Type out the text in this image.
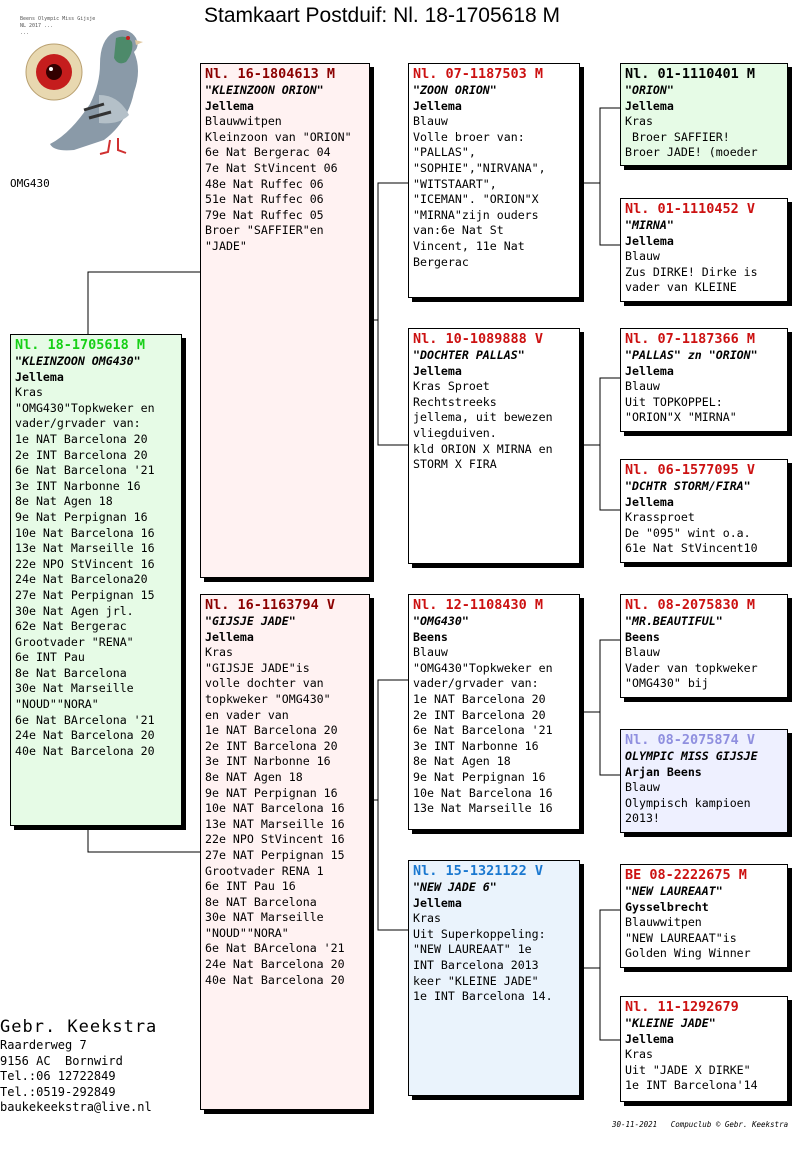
Stamkaart Postduif: Nl. 18-1705618 M
Beens Olympic Miss Gijsje
NL 2017 ...
...
OMG430
Nl. 18-1705618 M
"KLEINZOON OMG430"
Jellema
Kras
"OMG430"Topkweker en
vader/grvader van:
1e NAT Barcelona 20
2e INT Barcelona 20
6e Nat Barcelona '21
3e INT Narbonne 16
8e Nat Agen 18
9e Nat Perpignan 16
10e Nat Barcelona 16
13e Nat Marseille 16
22e NPO StVincent 16
24e Nat Barcelona20
27e Nat Perpignan 15
30e Nat Agen jrl.
62e Nat Bergerac
Grootvader "RENA"
6e INT Pau
8e Nat Barcelona
30e Nat Marseille
"NOUD""NORA"
6e Nat BArcelona '21
24e Nat Barcelona 20
40e Nat Barcelona 20
Nl. 16-1804613 M
"KLEINZOON ORION"
Jellema
Blauwwitpen
Kleinzoon van "ORION"
6e Nat Bergerac 04
7e Nat StVincent 06
48e Nat Ruffec 06
51e Nat Ruffec 06
79e Nat Ruffec 05
Broer "SAFFIER"en
"JADE"
Nl. 16-1163794 V
"GIJSJE JADE"
Jellema
Kras
"GIJSJE JADE"is
volle dochter van
topkweker "OMG430"
en vader van
1e NAT Barcelona 20
2e INT Barcelona 20
3e INT Narbonne 16
8e NAT Agen 18
9e NAT Perpignan 16
10e NAT Barcelona 16
13e NAT Marseille 16
22e NPO StVincent 16
27e NAT Perpignan 15
Grootvader RENA 1
6e INT Pau 16
8e NAT Barcelona
30e NAT Marseille
"NOUD""NORA"
6e Nat BArcelona '21
24e Nat Barcelona 20
40e Nat Barcelona 20
Nl. 07-1187503 M
"ZOON ORION"
Jellema
Blauw
Volle broer van:
"PALLAS",
"SOPHIE","NIRVANA",
"WITSTAART",
"ICEMAN". "ORION"X
"MIRNA"zijn ouders
van:6e Nat St
Vincent, 11e Nat
Bergerac
Nl. 10-1089888 V
"DOCHTER PALLAS"
Jellema
Kras Sproet
Rechtstreeks
jellema, uit bewezen
vliegduiven.
kld ORION X MIRNA en
STORM X FIRA
Nl. 12-1108430 M
"OMG430"
Beens
Blauw
"OMG430"Topkweker en
vader/grvader van:
1e NAT Barcelona 20
2e INT Barcelona 20
6e Nat Barcelona '21
3e INT Narbonne 16
8e Nat Agen 18
9e Nat Perpignan 16
10e Nat Barcelona 16
13e Nat Marseille 16
Nl. 15-1321122 V
"NEW JADE 6"
Jellema
Kras
Uit Superkoppeling:
"NEW LAUREAAT" 1e
INT Barcelona 2013
keer "KLEINE JADE"
1e INT Barcelona 14.
Nl. 01-1110401 M
"ORION"
Jellema
Kras
Broer SAFFIER!
Broer JADE! (moeder
Nl. 01-1110452 V
"MIRNA"
Jellema
Blauw
Zus DIRKE! Dirke is
vader van KLEINE
Nl. 07-1187366 M
"PALLAS" zn "ORION"
Jellema
Blauw
Uit TOPKOPPEL:
"ORION"X "MIRNA"
Nl. 06-1577095 V
"DCHTR STORM/FIRA"
Jellema
Krassproet
De "095" wint o.a.
61e Nat StVincent10
Nl. 08-2075830 M
"MR.BEAUTIFUL"
Beens
Blauw
Vader van topkweker
"OMG430" bij
Nl. 08-2075874 V
OLYMPIC MISS GIJSJE
Arjan Beens
Blauw
Olympisch kampioen
2013!
BE 08-2222675 M
"NEW LAUREAAT"
Gysselbrecht
Blauwwitpen
"NEW LAUREAAT"is
Golden Wing Winner
Nl. 11-1292679
"KLEINE JADE"
Jellema
Kras
Uit "JADE X DIRKE"
1e INT Barcelona'14
Gebr. Keekstra
Raarderweg 7
9156 AC  Bornwird
Tel.:06 12722849
Tel.:0519-292849
baukekeekstra@live.nl
30-11-2021   Compuclub © Gebr. Keekstra
